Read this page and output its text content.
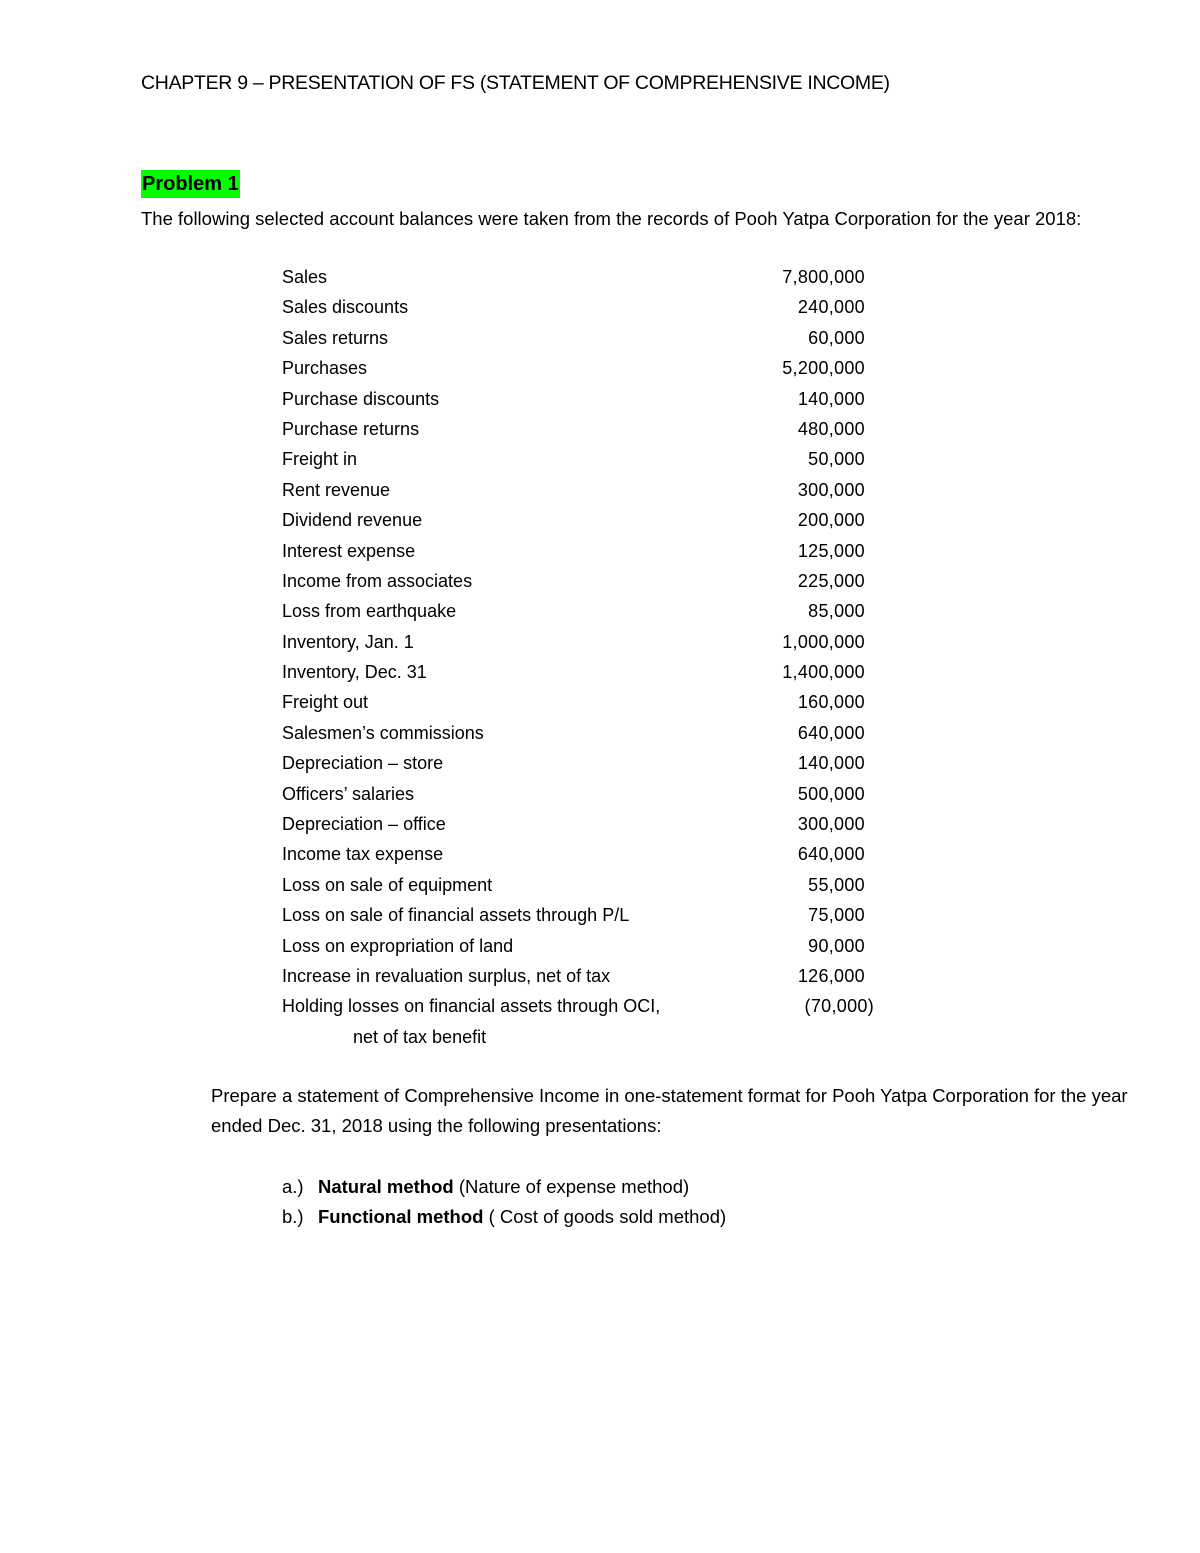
CHAPTER 9 – PRESENTATION OF FS (STATEMENT OF COMPREHENSIVE INCOME)
Problem 1
The following selected account balances were taken from the records of Pooh Yatpa Corporation for the year 2018:
Sales	7,800,000
Sales discounts	240,000
Sales returns	60,000
Purchases	5,200,000
Purchase discounts	140,000
Purchase returns	480,000
Freight in	50,000
Rent revenue	300,000
Dividend revenue	200,000
Interest expense	125,000
Income from associates	225,000
Loss from earthquake	85,000
Inventory, Jan. 1	1,000,000
Inventory, Dec. 31	1,400,000
Freight out	160,000
Salesmen’s commissions	640,000
Depreciation – store	140,000
Officers’ salaries	500,000
Depreciation – office	300,000
Income tax expense	640,000
Loss on sale of equipment	55,000
Loss on sale of financial assets through P/L	75,000
Loss on expropriation of land	90,000
Increase in revaluation surplus, net of tax	126,000
Holding losses on financial assets through OCI,	(70,000)
net of tax benefit
Prepare a statement of Comprehensive Income in one-statement format for Pooh Yatpa Corporation for the year ended Dec. 31, 2018 using the following presentations:
a.) Natural method (Nature of expense method)
b.) Functional method ( Cost of goods sold method)
